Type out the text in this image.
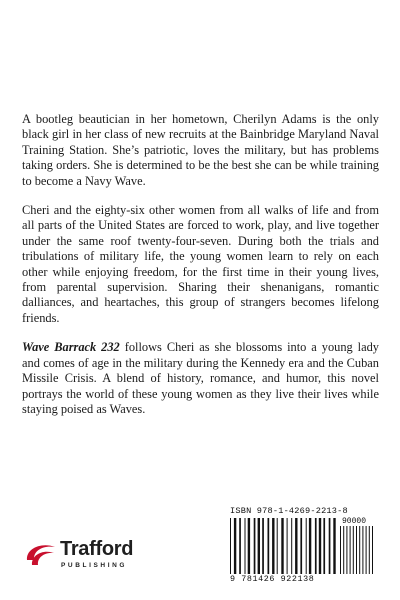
A bootleg beautician in her hometown, Cherilyn Adams is the only black girl in her class of new recruits at the Bainbridge Maryland Naval Training Station. She’s patriotic, loves the military, but has problems taking orders. She is determined to be the best she can be while training to become a Navy Wave.

Cheri and the eighty-six other women from all walks of life and from all parts of the United States are forced to work, play, and live together under the same roof twenty-four-seven. During both the trials and tribulations of military life, the young women learn to rely on each other while enjoying freedom, for the first time in their young lives, from parental supervision. Sharing their shenanigans, romantic dalliances, and heartaches, this group of strangers becomes lifelong friends.

Wave Barrack 232 follows Cheri as she blossoms into a young lady and comes of age in the military during the Kennedy era and the Cuban Missile Crisis. A blend of history, romance, and humor, this novel portrays the world of these young women as they live their lives while staying poised as Waves.

Trafford
PUBLISHING
ISBN 978-1-4269-2213-8
90000
9 781426 922138
